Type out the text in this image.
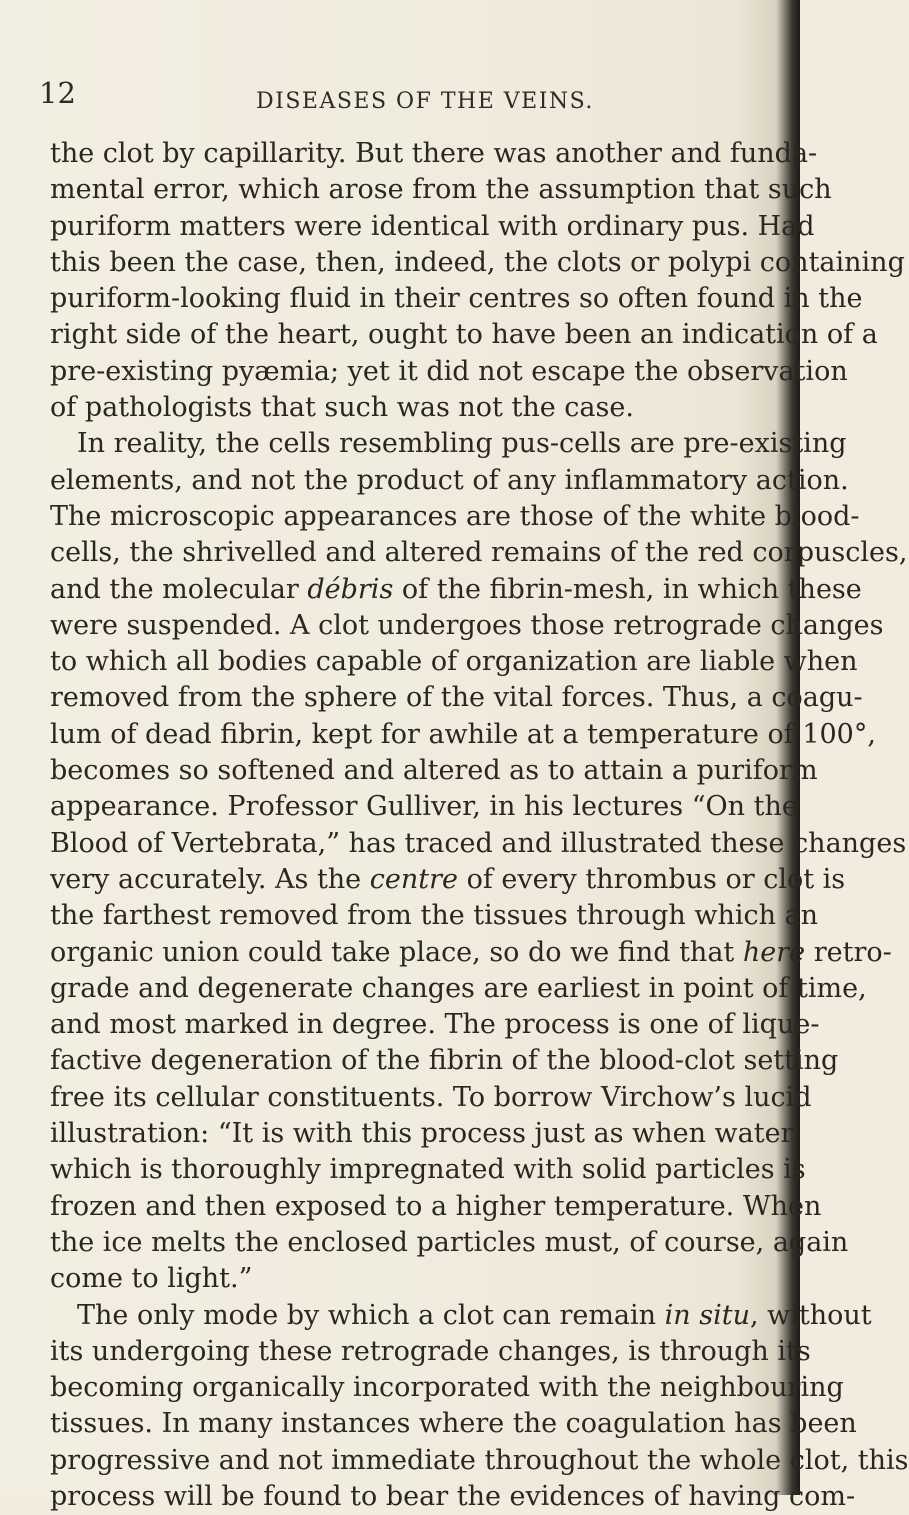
12	DISEASES OF THE VEINS.
the clot by capillarity. But there was another and funda-
mental error, which arose from the assumption that such
puriform matters were identical with ordinary pus. Had
this been the case, then, indeed, the clots or polypi containing
puriform-looking fluid in their centres so often found in the
right side of the heart, ought to have been an indication of a
pre-existing pyæmia; yet it did not escape the observation
of pathologists that such was not the case.
In reality, the cells resembling pus-cells are pre-existing
elements, and not the product of any inflammatory action.
The microscopic appearances are those of the white blood-
cells, the shrivelled and altered remains of the red corpuscles,
and the molecular débris of the fibrin-mesh, in which these
were suspended. A clot undergoes those retrograde changes
to which all bodies capable of organization are liable when
removed from the sphere of the vital forces. Thus, a coagu-
lum of dead fibrin, kept for awhile at a temperature of 100°,
becomes so softened and altered as to attain a puriform
appearance. Professor Gulliver, in his lectures “On the
Blood of Vertebrata,” has traced and illustrated these changes
very accurately. As the centre of every thrombus or clot is
the farthest removed from the tissues through which an
organic union could take place, so do we find that here retro-
grade and degenerate changes are earliest in point of time,
and most marked in degree. The process is one of lique-
factive degeneration of the fibrin of the blood-clot setting
free its cellular constituents. To borrow Virchow’s lucid
illustration: “It is with this process just as when water
which is thoroughly impregnated with solid particles is
frozen and then exposed to a higher temperature. When
the ice melts the enclosed particles must, of course, again
come to light.”
The only mode by which a clot can remain in situ, without
its undergoing these retrograde changes, is through its
becoming organically incorporated with the neighbouring
tissues. In many instances where the coagulation has been
progressive and not immediate throughout the whole clot, this
process will be found to bear the evidences of having com-
